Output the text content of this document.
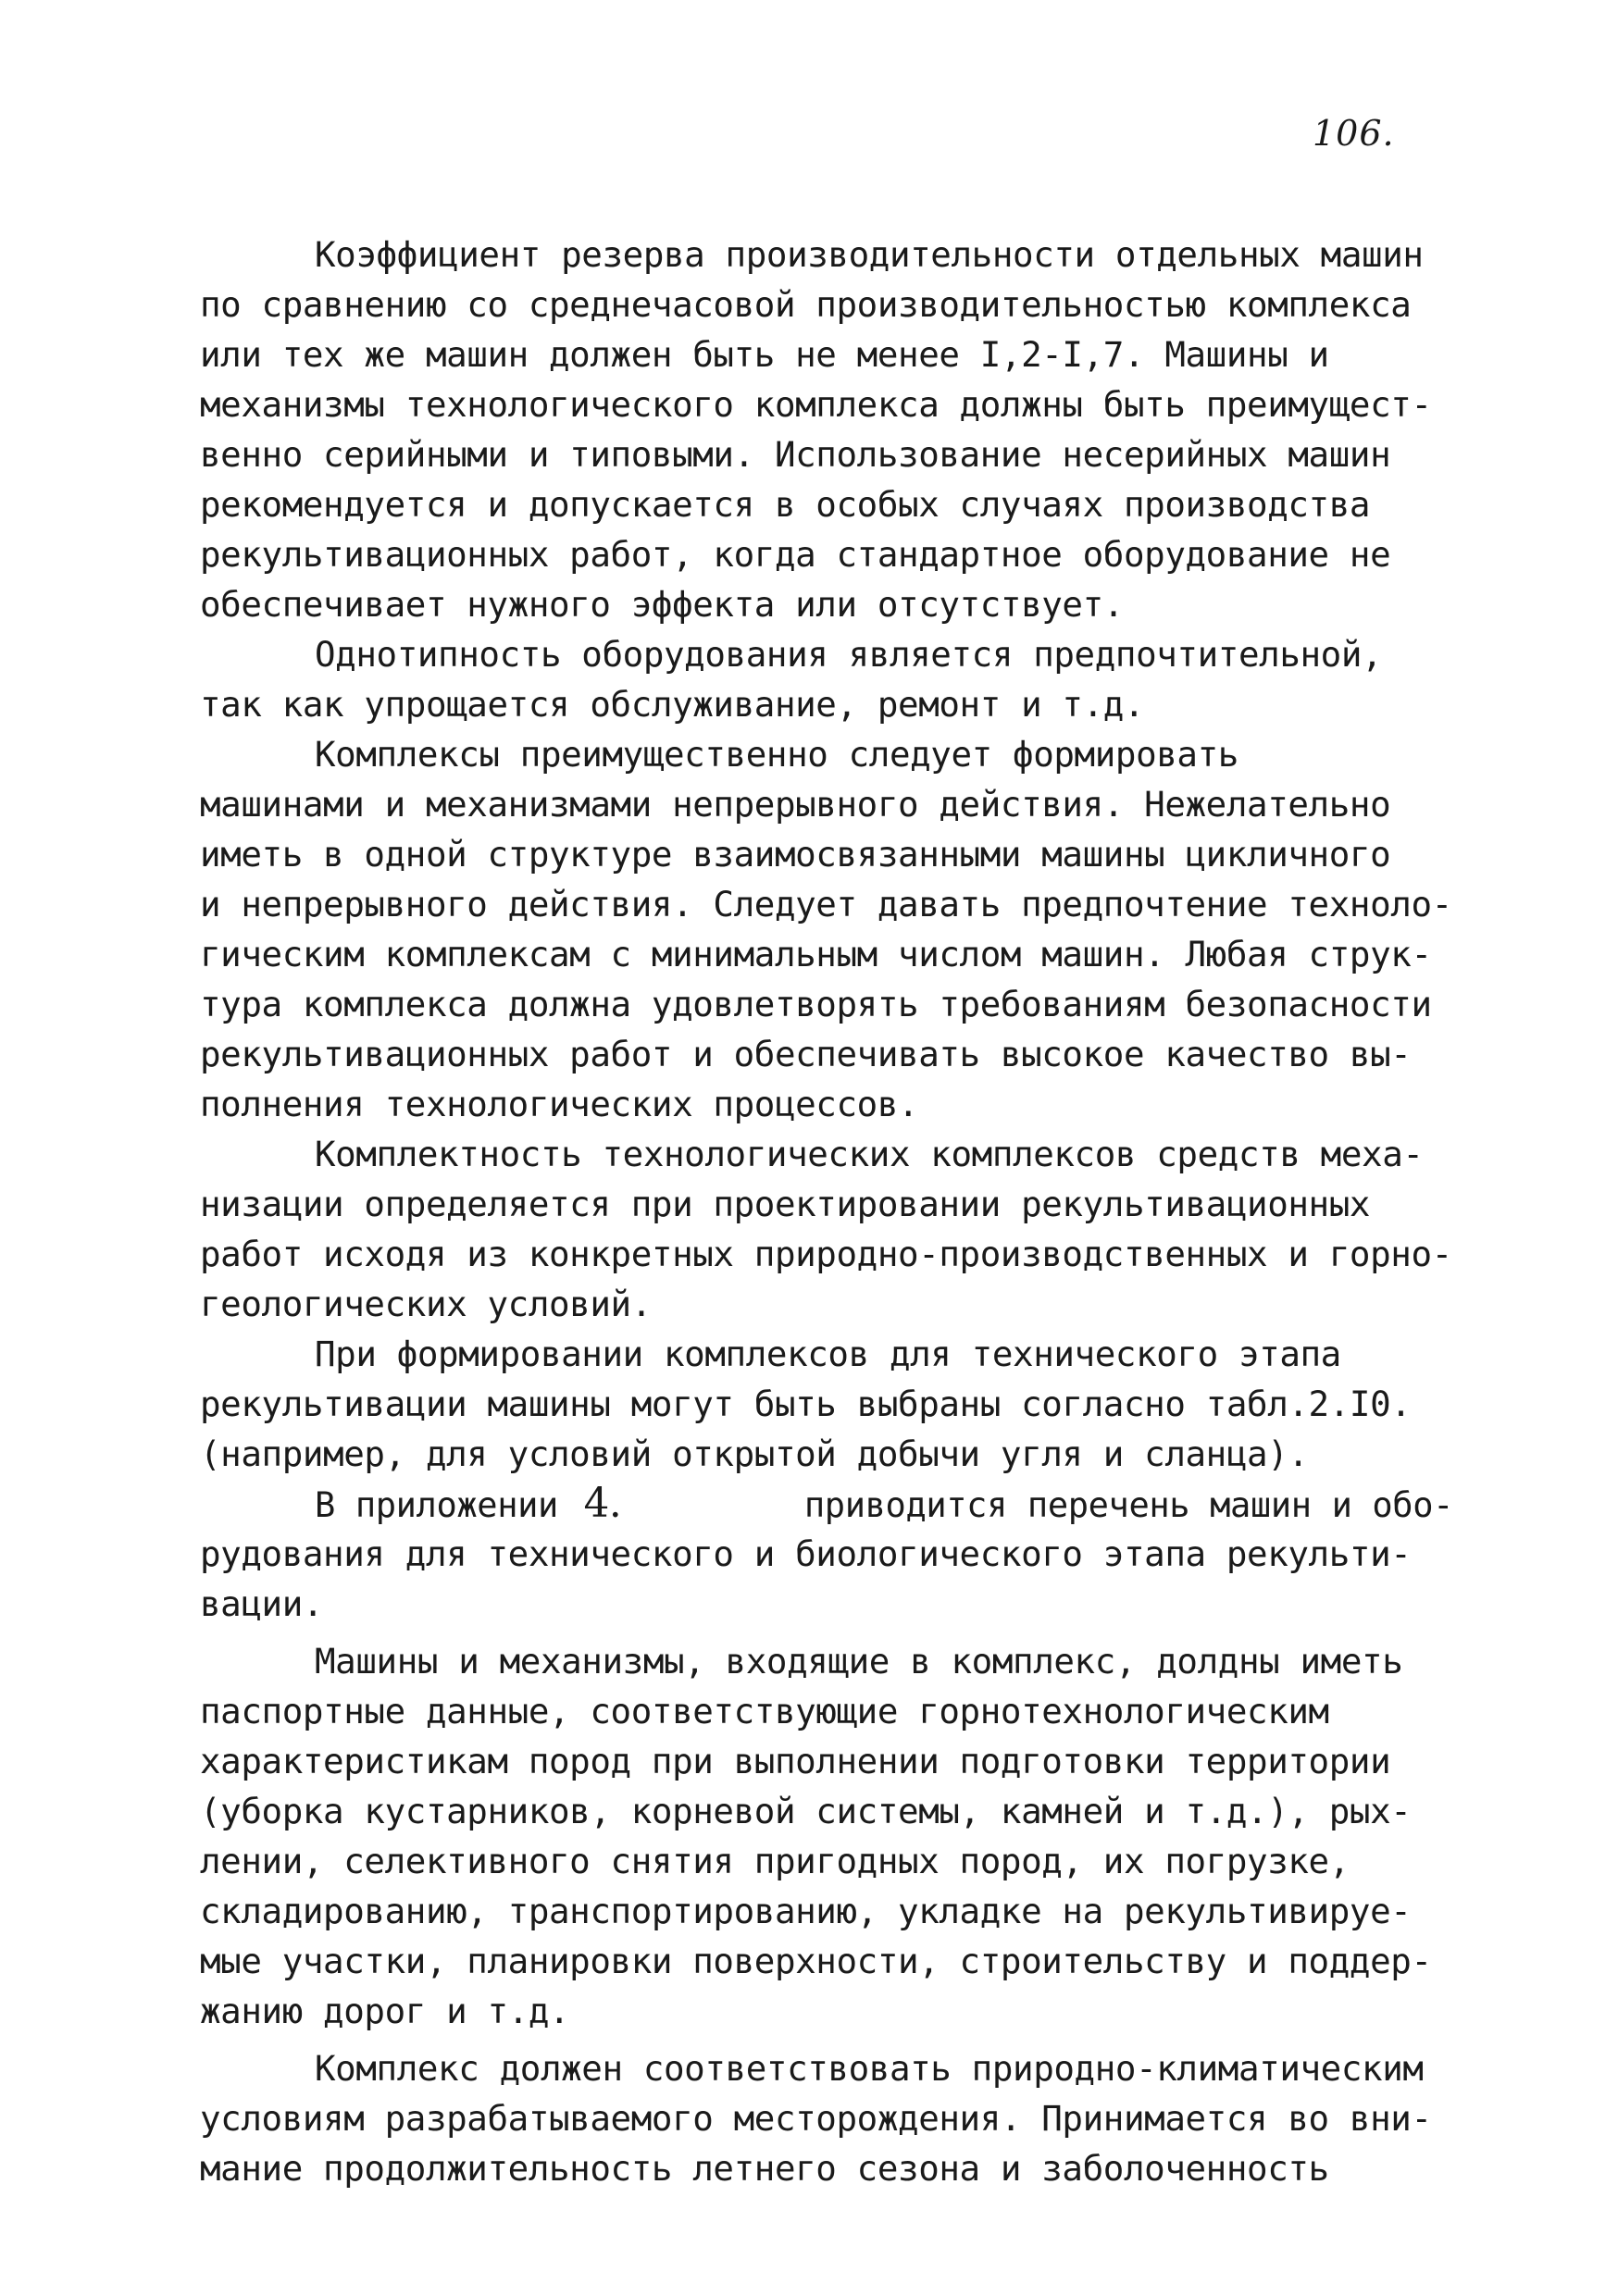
106.
Коэффициент резерва производительности отдельных машин
по сравнению со среднечасовой производительностью комплекса
или тех же машин должен быть не менее I,2-I,7. Машины и
механизмы технологического комплекса должны быть преимущест-
венно серийными и типовыми. Использование несерийных машин
рекомендуется и допускается в особых случаях производства
рекультивационных работ, когда стандартное оборудование не
обеспечивает нужного эффекта или отсутствует.
Однотипность оборудования является предпочтительной,
так как упрощается обслуживание, ремонт и т.д.
Комплексы преимущественно следует формировать
машинами и механизмами непрерывного действия. Нежелательно
иметь в одной структуре взаимосвязанными машины цикличного
и непрерывного действия. Следует давать предпочтение техноло-
гическим комплексам с минимальным числом машин. Любая струк-
тура комплекса должна удовлетворять требованиям безопасности
рекультивационных работ и обеспечивать высокое качество вы-
полнения технологических процессов.
Комплектность технологических комплексов средств меха-
низации определяется при проектировании рекультивационных
работ исходя из конкретных природно-производственных и горно-
геологических условий.
При формировании комплексов для технического этапа
рекультивации машины могут быть выбраны согласно табл.2.I0.
(например, для условий открытой добычи угля и сланца).
В приложении 4.	приводится перечень машин и обо-
рудования для технического и биологического этапа рекульти-
вации.
Машины и механизмы, входящие в комплекс, долдны иметь
паспортные данные, соответствующие горнотехнологическим
характеристикам пород при выполнении подготовки территории
(уборка кустарников, корневой системы, камней и т.д.), рых-
лении, селективного снятия пригодных пород, их погрузке,
складированию, транспортированию, укладке на рекультивируе-
мые участки, планировки поверхности, строительству и поддер-
жанию дорог и т.д.
Комплекс должен соответствовать природно-климатическим
условиям разрабатываемого месторождения. Принимается во вни-
мание продолжительность летнего сезона и заболоченность
